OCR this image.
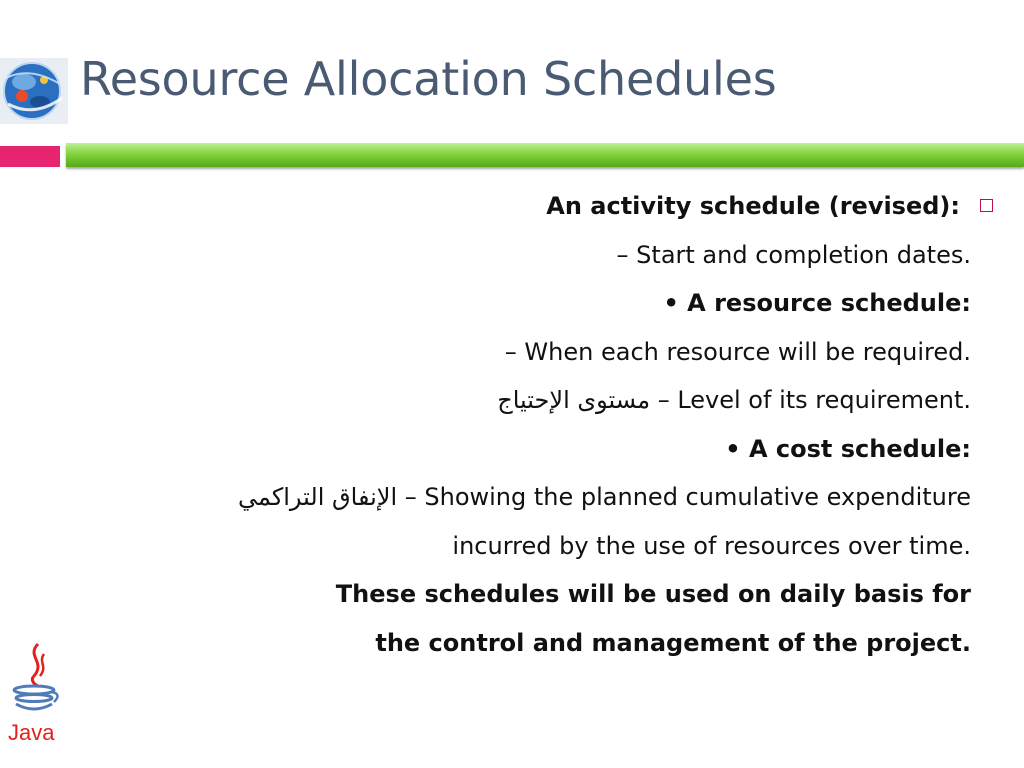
Resource Allocation Schedules
An activity schedule (revised):
– Start and completion dates.
• A resource schedule:
– When each resource will be required.
مستوى الإحتياج – Level of its requirement.
• A cost schedule:
الإنفاق التراكمي – Showing the planned cumulative expenditure
incurred by the use of resources over time.
These schedules will be used on daily basis for
the control and management of the project.
Java
